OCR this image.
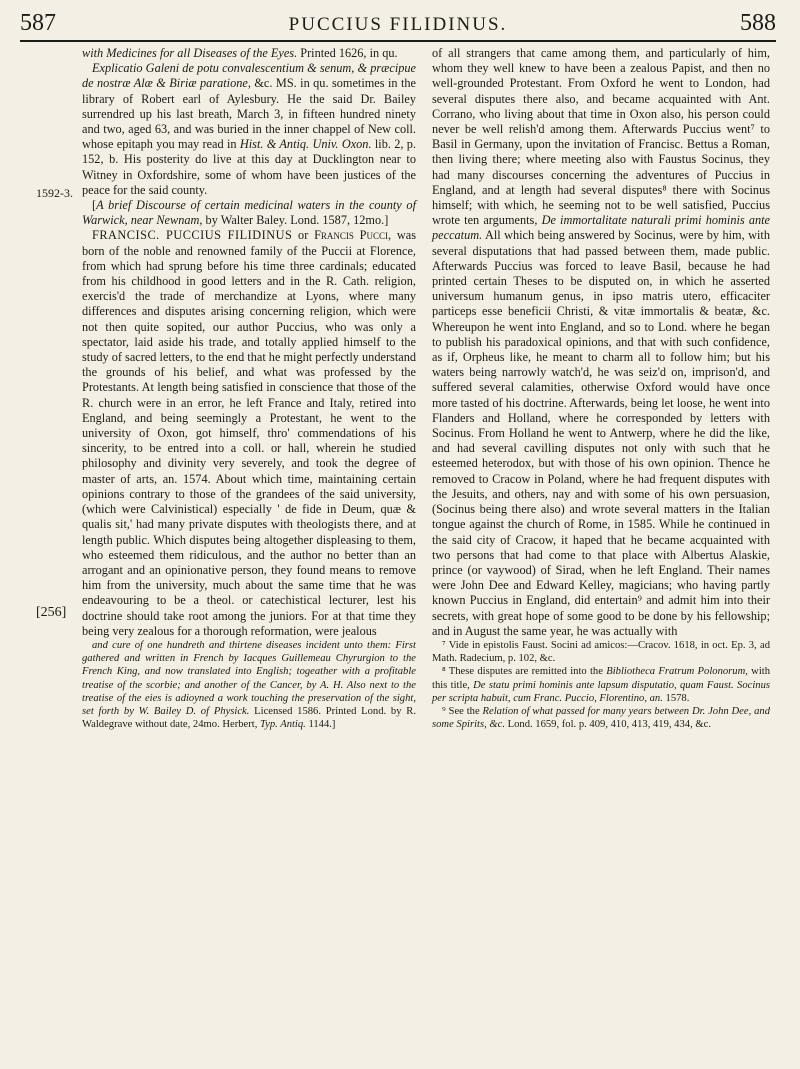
587	PUCCIUS FILIDINUS.	588
1592-3.
[256]

with Medicines for all Diseases of the Eyes. Printed 1626, in qu.

Explicatio Galeni de potu convalescentium & senum, & præcipue de nostræ Alæ & Biriæ paratione, &c. MS. in qu. sometimes in the library of Robert earl of Aylesbury. He the said Dr. Bailey surrendred up his last breath, March 3, in fifteen hundred ninety and two, aged 63, and was buried in the inner chappel of New coll. whose epitaph you may read in Hist. & Antiq. Univ. Oxon. lib. 2, p. 152, b. His posterity do live at this day at Ducklington near to Witney in Oxfordshire, some of whom have been justices of the peace for the said county.

[A brief Discourse of certain medicinal waters in the county of Warwick, near Newnam, by Walter Baley. Lond. 1587, 12mo.]

FRANCISC. PUCCIUS FILIDINUS or Francis Pucci, was born of the noble and renowned family of the Puccii at Florence, from which had sprung before his time three cardinals; educated from his childhood in good letters and in the R. Cath. religion, exercis'd the trade of merchandize at Lyons, where many differences and disputes arising concerning religion, which were not then quite sopited, our author Puccius, who was only a spectator, laid aside his trade, and totally applied himself to the study of sacred letters, to the end that he might perfectly understand the grounds of his belief, and what was professed by the Protestants. At length being satisfied in conscience that those of the R. church were in an error, he left France and Italy, retired into England, and being seemingly a Protestant, he went to the university of Oxon, got himself, thro' commendations of his sincerity, to be entred into a coll. or hall, wherein he studied philosophy and divinity very severely, and took the degree of master of arts, an. 1574. About which time, maintaining certain opinions contrary to those of the grandees of the said university, (which were Calvinistical) especially ' de fide in Deum, quæ & qualis sit,' had many private disputes with theologists there, and at length public. Which disputes being altogether displeasing to them, who esteemed them ridiculous, and the author no better than an arrogant and an opinionative person, they found means to remove him from the university, much about the same time that he was endeavouring to be a theol. or catechistical lecturer, lest his doctrine should take root among the juniors. For at that time they being very zealous for a thorough reformation, were jealous

and cure of one hundreth and thirtene diseases incident unto them: First gathered and written in French by Iacques Guillemeau Chyrurgion to the French King, and now translated into English; togeather with a profitable treatise of the scorbie; and another of the Cancer, by A. H. Also next to the treatise of the eies is adioyned a work touching the preservation of the sight, set forth by W. Bailey D. of Physick. Licensed 1586. Printed Lond. by R. Waldegrave without date, 24mo. Herbert, Typ. Antiq. 1144.]

of all strangers that came among them, and particularly of him, whom they well knew to have been a zealous Papist, and then no well-grounded Protestant. From Oxford he went to London, had several disputes there also, and became acquainted with Ant. Corrano, who living about that time in Oxon also, his person could never be well relish'd among them. Afterwards Puccius went⁷ to Basil in Germany, upon the invitation of Francisc. Bettus a Roman, then living there; where meeting also with Faustus Socinus, they had many discourses concerning the adventures of Puccius in England, and at length had several disputes⁸ there with Socinus himself; with which, he seeming not to be well satisfied, Puccius wrote ten arguments, De immortalitate naturali primi hominis ante peccatum. All which being answered by Socinus, were by him, with several disputations that had passed between them, made public. Afterwards Puccius was forced to leave Basil, because he had printed certain Theses to be disputed on, in which he asserted universum humanum genus, in ipso matris utero, efficaciter particeps esse beneficii Christi, & vitæ immortalis & beatæ, &c. Whereupon he went into England, and so to Lond. where he began to publish his paradoxical opinions, and that with such confidence, as if, Orpheus like, he meant to charm all to follow him; but his waters being narrowly watch'd, he was seiz'd on, imprison'd, and suffered several calamities, otherwise Oxford would have once more tasted of his doctrine. Afterwards, being let loose, he went into Flanders and Holland, where he corresponded by letters with Socinus. From Holland he went to Antwerp, where he did the like, and had several cavilling disputes not only with such that he esteemed heterodox, but with those of his own opinion. Thence he removed to Cracow in Poland, where he had frequent disputes with the Jesuits, and others, nay and with some of his own persuasion, (Socinus being there also) and wrote several matters in the Italian tongue against the church of Rome, in 1585. While he continued in the said city of Cracow, it haped that he became acquainted with two persons that had come to that place with Albertus Alaskie, prince (or vaywood) of Sirad, when he left England. Their names were John Dee and Edward Kelley, magicians; who having partly known Puccius in England, did entertain⁹ and admit him into their secrets, with great hope of some good to be done by his fellowship; and in August the same year, he was actually with

⁷ Vide in epistolis Faust. Socini ad amicos:—Cracov. 1618, in oct. Ep. 3, ad Math. Radecium, p. 102, &c.

⁸ These disputes are remitted into the Bibliotheca Fratrum Polonorum, with this title, De statu primi hominis ante lapsum disputatio, quam Faust. Socinus per scripta habuit, cum Franc. Puccio, Florentino, an. 1578.

⁹ See the Relation of what passed for many years between Dr. John Dee, and some Spirits, &c. Lond. 1659, fol. p. 409, 410, 413, 419, 434, &c.
